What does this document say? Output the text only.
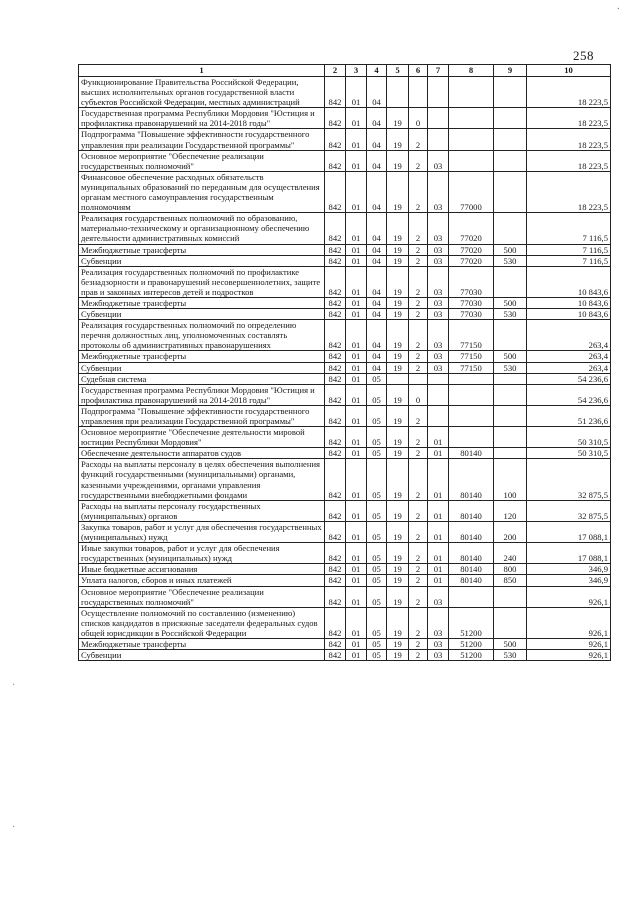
·
·
·
258
1	2	3	4	5	6	7	8	9	10
Функционирование Правительства Российской Федерации, высших исполнительных органов государственной власти субъектов Российской Федерации, местных администраций	842	01	04						18 223,5
Государственная программа Республики Мордовия "Юстиция и профилактика правонарушений на 2014-2018 годы"	842	01	04	19	0				18 223,5
Подпрограмма "Повышение эффективности государственного управления при реализации Государственной программы"	842	01	04	19	2				18 223,5
Основное мероприятие "Обеспечение реализации государственных полномочий"	842	01	04	19	2	03			18 223,5
Финансовое обеспечение расходных обязательств муниципальных образований по переданным для осуществления органам местного самоуправления государственным полномочиям	842	01	04	19	2	03	77000		18 223,5
Реализация государственных полномочий по образованию, материально-техническому и организационному обеспечению деятельности административных комиссий	842	01	04	19	2	03	77020		7 116,5
Межбюджетные трансферты	842	01	04	19	2	03	77020	500	7 116,5
Субвенции	842	01	04	19	2	03	77020	530	7 116,5
Реализация государственных полномочий по профилактике безнадзорности и правонарушений несовершеннолетних, защите прав и законных интересов детей и подростков	842	01	04	19	2	03	77030		10 843,6
Межбюджетные трансферты	842	01	04	19	2	03	77030	500	10 843,6
Субвенции	842	01	04	19	2	03	77030	530	10 843,6
Реализация государственных полномочий по определению перечня должностных лиц, уполномоченных составлять протоколы об административных правонарушениях	842	01	04	19	2	03	77150		263,4
Межбюджетные трансферты	842	01	04	19	2	03	77150	500	263,4
Субвенции	842	01	04	19	2	03	77150	530	263,4
Судебная система	842	01	05						54 236,6
Государственная программа Республики Мордовия "Юстиция и профилактика правонарушений на 2014-2018 годы"	842	01	05	19	0				54 236,6
Подпрограмма "Повышение эффективности государственного управления при реализации Государственной программы"	842	01	05	19	2				51 236,6
Основное мероприятие "Обеспечение деятельности мировой юстиции Республики Мордовия"	842	01	05	19	2	01			50 310,5
Обеспечение деятельности аппаратов судов	842	01	05	19	2	01	80140		50 310,5
Расходы на выплаты персоналу в целях обеспечения выполнения функций государственными (муниципальными) органами, казенными учреждениями, органами управления государственными внебюджетными фондами	842	01	05	19	2	01	80140	100	32 875,5
Расходы на выплаты персоналу государственных (муниципальных) органов	842	01	05	19	2	01	80140	120	32 875,5
Закупка товаров, работ и услуг для обеспечения государственных (муниципальных) нужд	842	01	05	19	2	01	80140	200	17 088,1
Иные закупки товаров, работ и услуг для обеспечения государственных (муниципальных) нужд	842	01	05	19	2	01	80140	240	17 088,1
Иные бюджетные ассигнования	842	01	05	19	2	01	80140	800	346,9
Уплата налогов, сборов и иных платежей	842	01	05	19	2	01	80140	850	346,9
Основное мероприятие "Обеспечение реализации государственных полномочий"	842	01	05	19	2	03			926,1
Осуществление полномочий по составлению (изменению) списков кандидатов в присяжные заседатели федеральных судов общей юрисдикции в Российской Федерации	842	01	05	19	2	03	51200		926,1
Межбюджетные трансферты	842	01	05	19	2	03	51200	500	926,1
Субвенции	842	01	05	19	2	03	51200	530	926,1
